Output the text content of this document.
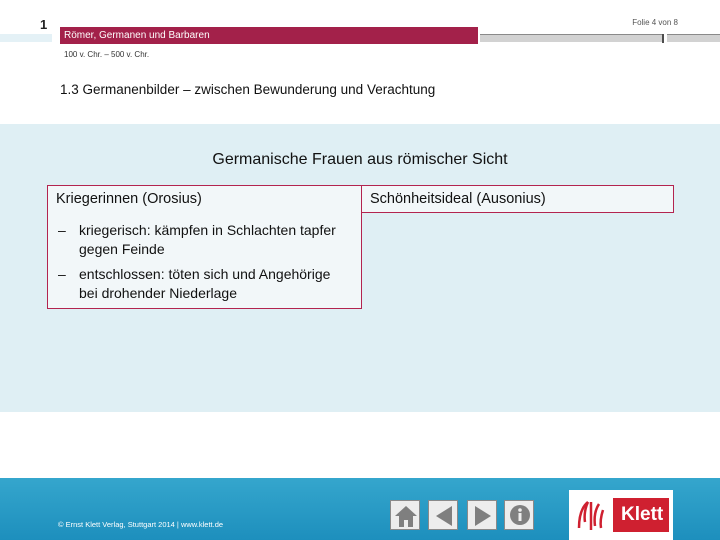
1	Folie 4 von 8
Römer, Germanen und Barbaren
100 v. Chr. – 500 v. Chr.
1.3 Germanenbilder – zwischen Bewunderung und Verachtung
Germanische Frauen aus römischer Sicht
Kriegerinnen (Orosius)	Schönheitsideal (Ausonius)
– kriegerisch: kämpfen in Schlachten tapfer gegen Feinde
– entschlossen: töten sich und Angehörige bei drohender Niederlage
© Ernst Klett Verlag, Stuttgart 2014 | www.klett.de	Klett
